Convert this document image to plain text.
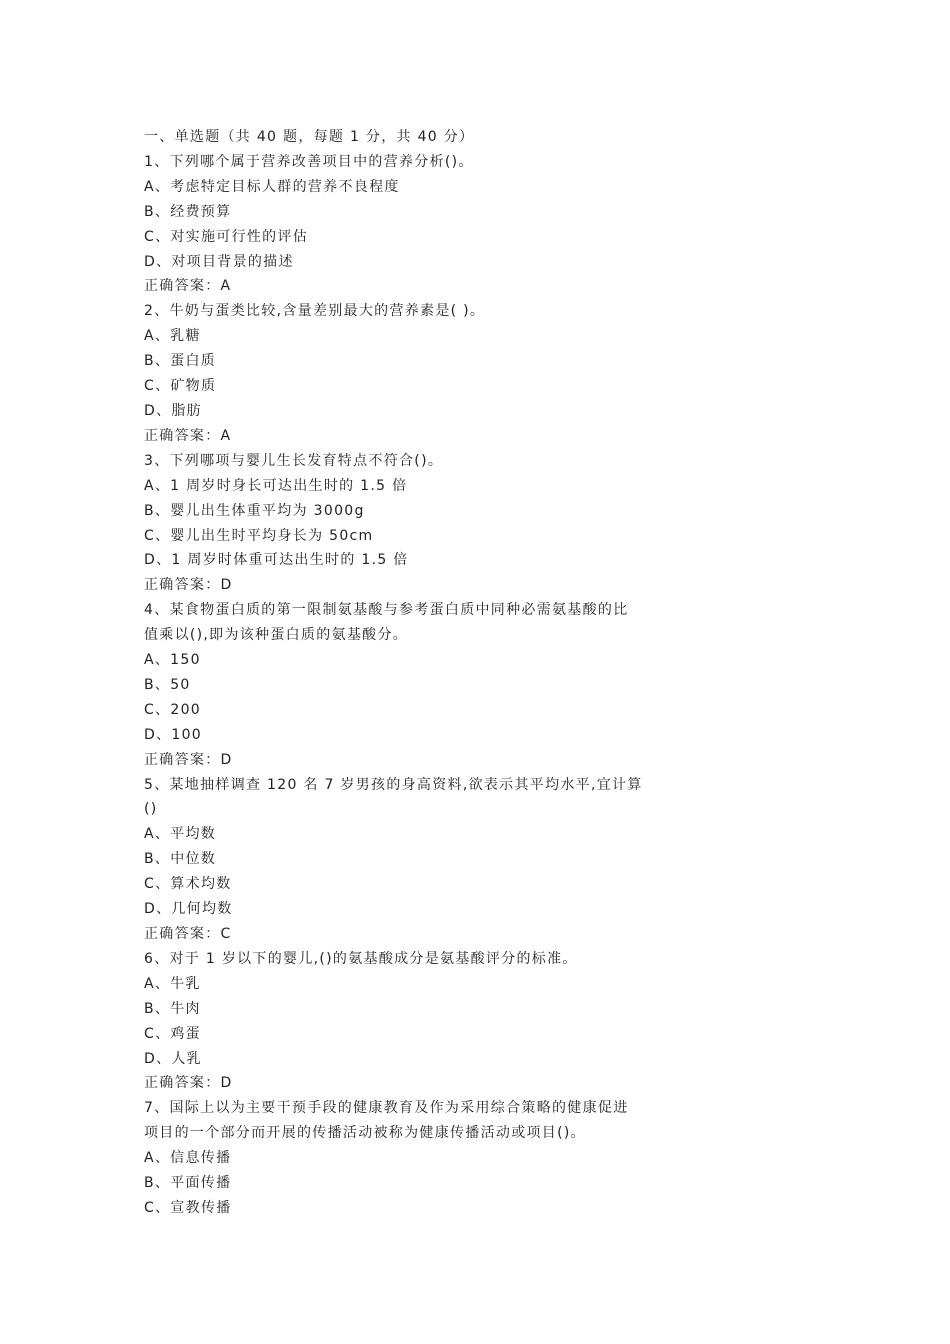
一、单选题（共 40 题，每题 1 分，共 40 分）

1、下列哪个属于营养改善项目中的营养分析()。

A、考虑特定目标人群的营养不良程度

B、经费预算

C、对实施可行性的评估

D、对项目背景的描述

正确答案：A

2、牛奶与蛋类比较,含量差别最大的营养素是( )。

A、乳糖

B、蛋白质

C、矿物质

D、脂肪

正确答案：A

3、下列哪项与婴儿生长发育特点不符合()。

A、1 周岁时身长可达出生时的 1.5 倍

B、婴儿出生体重平均为 3000g

C、婴儿出生时平均身长为 50cm

D、1 周岁时体重可达出生时的 1.5 倍

正确答案：D

4、某食物蛋白质的第一限制氨基酸与参考蛋白质中同种必需氨基酸的比

值乘以(),即为该种蛋白质的氨基酸分。

A、150

B、50

C、200

D、100

正确答案：D

5、某地抽样调查 120 名 7 岁男孩的身高资料,欲表示其平均水平,宜计算

()

A、平均数

B、中位数

C、算术均数

D、几何均数

正确答案：C

6、对于 1 岁以下的婴儿,()的氨基酸成分是氨基酸评分的标准。

A、牛乳

B、牛肉

C、鸡蛋

D、人乳

正确答案：D

7、国际上以为主要干预手段的健康教育及作为采用综合策略的健康促进

项目的一个部分而开展的传播活动被称为健康传播活动或项目()。

A、信息传播

B、平面传播

C、宣教传播
